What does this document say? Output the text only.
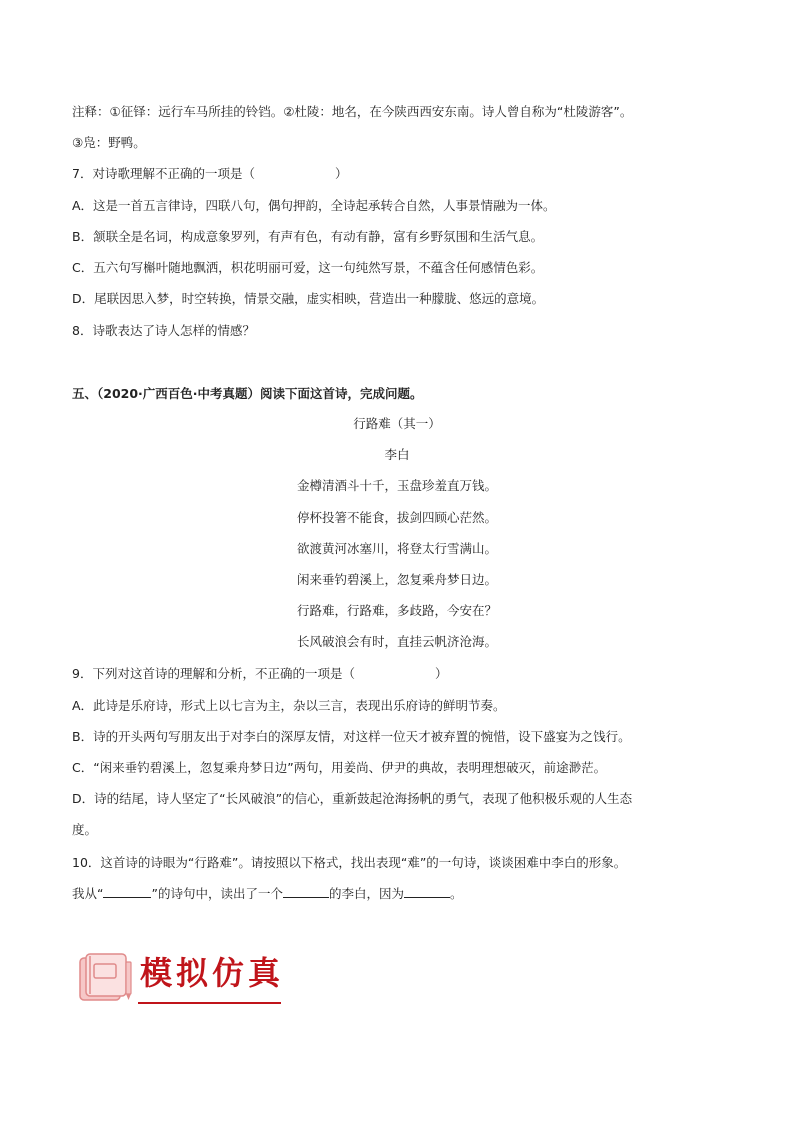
注释：①征铎：远行车马所挂的铃铛。②杜陵：地名，在今陕西西安东南。诗人曾自称为“杜陵游客”。
③凫：野鸭。
7．对诗歌理解不正确的一项是（	）
A．这是一首五言律诗，四联八句，偶句押韵，全诗起承转合自然，人事景情融为一体。
B．颔联全是名词，构成意象罗列，有声有色，有动有静，富有乡野氛围和生活气息。
C．五六句写槲叶随地飘洒，枳花明丽可爱，这一句纯然写景，不蕴含任何感情色彩。
D．尾联因思入梦，时空转换，情景交融，虚实相映，营造出一种朦胧、悠远的意境。
8．诗歌表达了诗人怎样的情感？
五、（2020·广西百色·中考真题）阅读下面这首诗，完成问题。
行路难（其一）
李白
金樽清酒斗十千，玉盘珍羞直万钱。
停杯投箸不能食，拔剑四顾心茫然。
欲渡黄河冰塞川，将登太行雪满山。
闲来垂钓碧溪上，忽复乘舟梦日边。
行路难，行路难，多歧路，今安在？
长风破浪会有时，直挂云帆济沧海。
9．下列对这首诗的理解和分析，不正确的一项是（	）
A．此诗是乐府诗，形式上以七言为主，杂以三言，表现出乐府诗的鲜明节奏。
B．诗的开头两句写朋友出于对李白的深厚友情，对这样一位天才被弃置的惋惜，设下盛宴为之饯行。
C．“闲来垂钓碧溪上，忽复乘舟梦日边”两句，用姜尚、伊尹的典故，表明理想破灭，前途渺茫。
D．诗的结尾，诗人坚定了“长风破浪”的信心，重新鼓起沧海扬帆的勇气，表现了他积极乐观的人生态
度。
10．这首诗的诗眼为“行路难”。请按照以下格式，找出表现“难”的一句诗，谈谈困难中李白的形象。
我从“	”的诗句中，读出了一个	的李白，因为	。
模拟仿真
